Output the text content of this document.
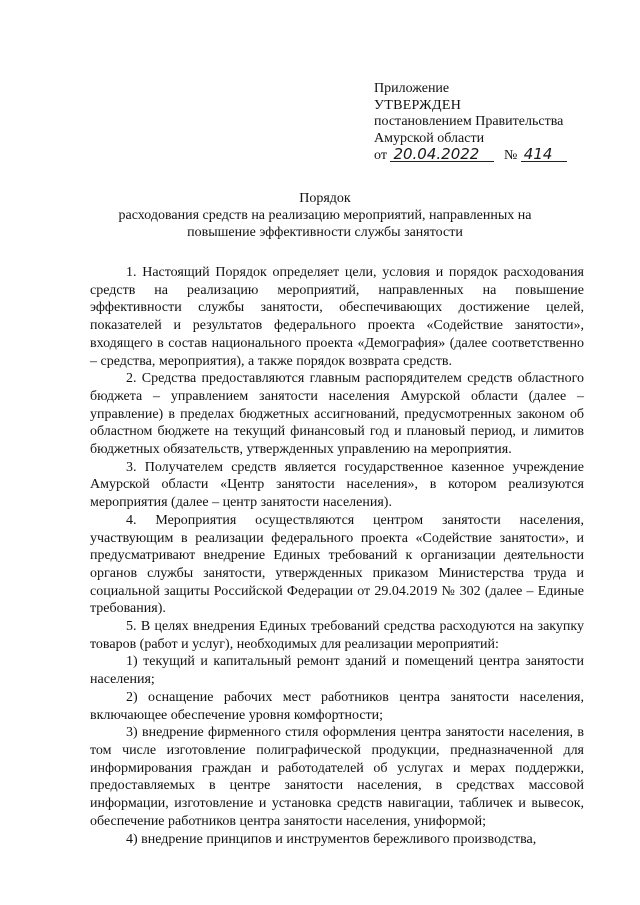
Приложение
УТВЕРЖДЕН
постановлением Правительства
Амурской области
от 20.04.2022 № 414
Порядок
расходования средств на реализацию мероприятий, направленных на
повышение эффективности службы занятости

1. Настоящий Порядок определяет цели, условия и порядок расходования средств на реализацию мероприятий, направленных на повышение эффективности службы занятости, обеспечивающих достижение целей, показателей и результатов федерального проекта «Содействие занятости», входящего в состав национального проекта «Демография» (далее соответственно – средства, мероприятия), а также порядок возврата средств.

2. Средства предоставляются главным распорядителем средств областного бюджета – управлением занятости населения Амурской области (далее – управление) в пределах бюджетных ассигнований, предусмотренных законом об областном бюджете на текущий финансовый год и плановый период, и лимитов бюджетных обязательств, утвержденных управлению на мероприятия.

3. Получателем средств является государственное казенное учреждение Амурской области «Центр занятости населения», в котором реализуются мероприятия (далее – центр занятости населения).

4. Мероприятия осуществляются центром занятости населения, участвующим в реализации федерального проекта «Содействие занятости», и предусматривают внедрение Единых требований к организации деятельности органов службы занятости, утвержденных приказом Министерства труда и социальной защиты Российской Федерации от 29.04.2019 № 302 (далее – Единые требования).

5. В целях внедрения Единых требований средства расходуются на закупку товаров (работ и услуг), необходимых для реализации мероприятий:

1) текущий и капитальный ремонт зданий и помещений центра занятости населения;

2) оснащение рабочих мест работников центра занятости населения, включающее обеспечение уровня комфортности;

3) внедрение фирменного стиля оформления центра занятости населения, в том числе изготовление полиграфической продукции, предназначенной для информирования граждан и работодателей об услугах и мерах поддержки, предоставляемых в центре занятости населения, в средствах массовой информации, изготовление и установка средств навигации, табличек и вывесок, обеспечение работников центра занятости населения, униформой;

4) внедрение принципов и инструментов бережливого производства,
